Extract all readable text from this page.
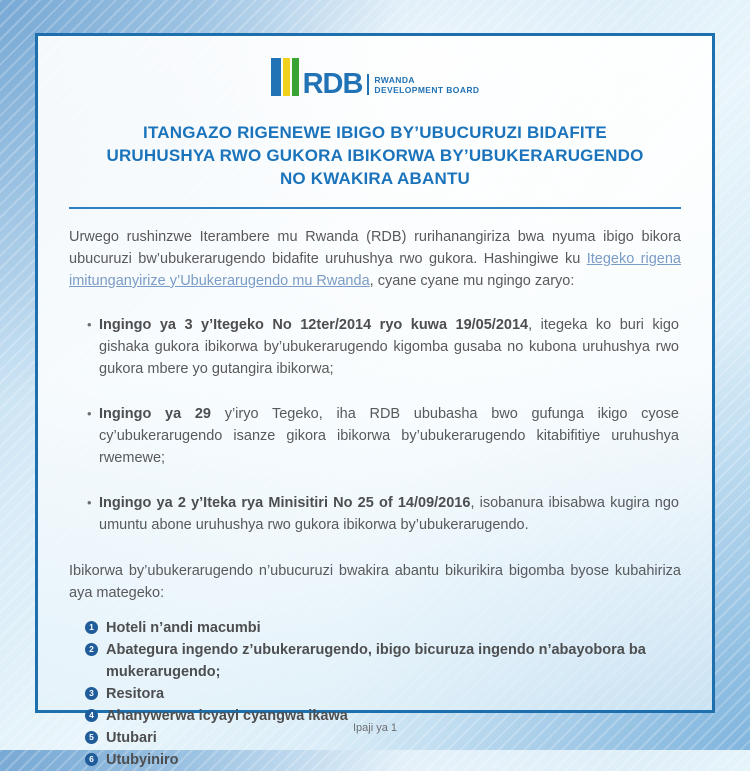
RDB RWANDA
DEVELOPMENT BOARD
ITANGAZO RIGENEWE IBIGO BY’UBUCURUZI BIDAFITE
URUHUSHYA RWO GUKORA IBIKORWA BY’UBUKERARUGENDO
NO KWAKIRA ABANTU
Urwego rushinzwe Iterambere mu Rwanda (RDB) rurihanangiriza bwa nyuma ibigo bikora ubucuruzi bw’ubukerarugendo bidafite uruhushya rwo gukora. Hashingiwe ku Itegeko rigena imitunganyirize y’Ubukerarugendo mu Rwanda, cyane cyane mu ngingo zaryo:
• Ingingo ya 3 y’Itegeko No 12ter/2014 ryo kuwa 19/05/2014, itegeka ko buri kigo gishaka gukora ibikorwa by’ubukerarugendo kigomba gusaba no kubona uruhushya rwo gukora mbere yo gutangira ibikorwa;
• Ingingo ya 29 y’iryo Tegeko, iha RDB ububasha bwo gufunga ikigo cyose cy’ubukerarugendo isanze gikora ibikorwa by’ubukerarugendo kitabifitiye uruhushya rwemewe;
• Ingingo ya 2 y’Iteka rya Minisitiri No 25 of 14/09/2016, isobanura ibisabwa kugira ngo umuntu abone uruhushya rwo gukora ibikorwa by’ubukerarugendo.
Ibikorwa by’ubukerarugendo n’ubucuruzi bwakira abantu bikurikira bigomba byose kubahiriza aya mategeko:
1 Hoteli n’andi macumbi
2 Abategura ingendo z’ubukerarugendo, ibigo bicuruza ingendo n’abayobora ba mukerarugendo;
3 Resitora
4 Ahanywerwa icyayi cyangwa ikawa
5 Utubari
6 Utubyiniro
Ipaji ya 1
